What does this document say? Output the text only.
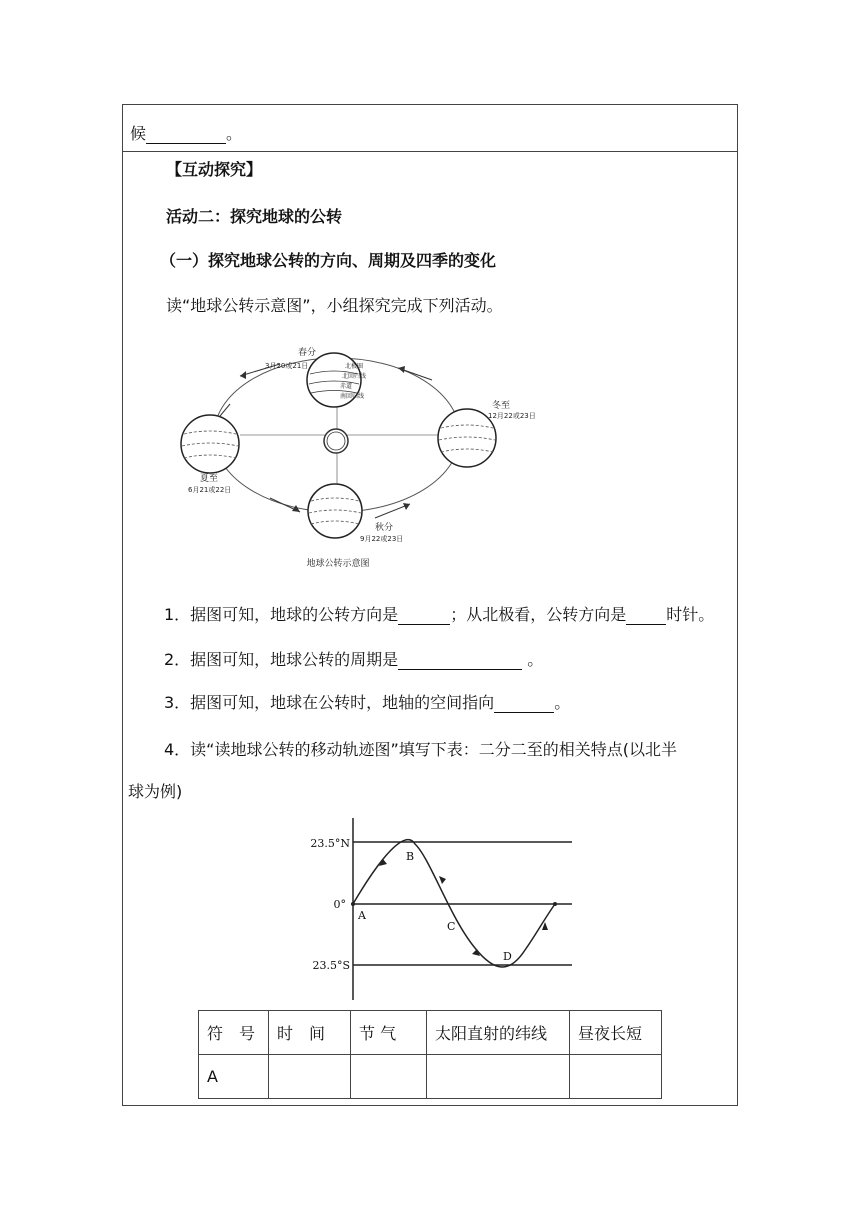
候	。
【互动探究】
活动二：探究地球的公转
（一）探究地球公转的方向、周期及四季的变化
读“地球公转示意图”，小组探究完成下列活动。
春分
3月20或21日
夏至
6月21或22日
秋分
9月22或23日
冬至
12月22或23日
北极圈
北回归线
赤道
南回归线
地球公转示意图
1．据图可知，地球的公转方向是	；从北极看，公转方向是	时针。
2．据图可知，地球公转的周期是	。
3．据图可知，地球在公转时，地轴的空间指向	。
4．读“读地球公转的移动轨迹图”填写下表：二分二至的相关特点(以北半
球为例)
23.5°N
0°
23.5°S
A
B
C
D
符　号	时　间	节 气	太阳直射的纬线	昼夜长短
A				
